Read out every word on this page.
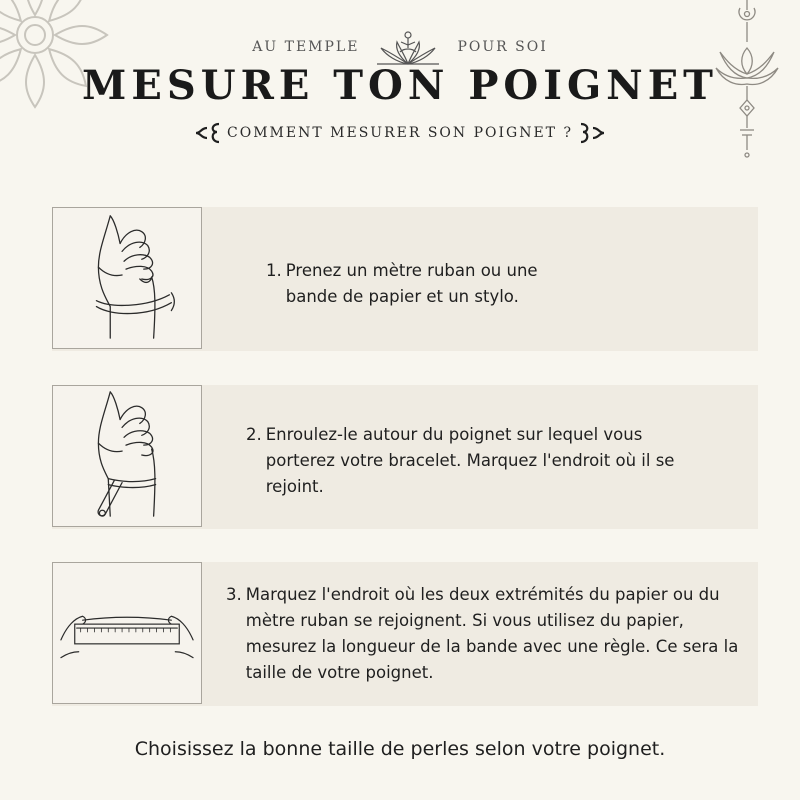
AU TEMPLE	POUR SOI
MESURE TON POIGNET
COMMENT MESURER SON POIGNET ?
1. Prenez un mètre ruban ou une bande de papier et un stylo.
2. Enroulez-le autour du poignet sur lequel vous porterez votre bracelet. Marquez l'endroit où il se rejoint.
3. Marquez l'endroit où les deux extrémités du papier ou du mètre ruban se rejoignent. Si vous utilisez du papier, mesurez la longueur de la bande avec une règle. Ce sera la taille de votre poignet.
Choisissez la bonne taille de perles selon votre poignet.
